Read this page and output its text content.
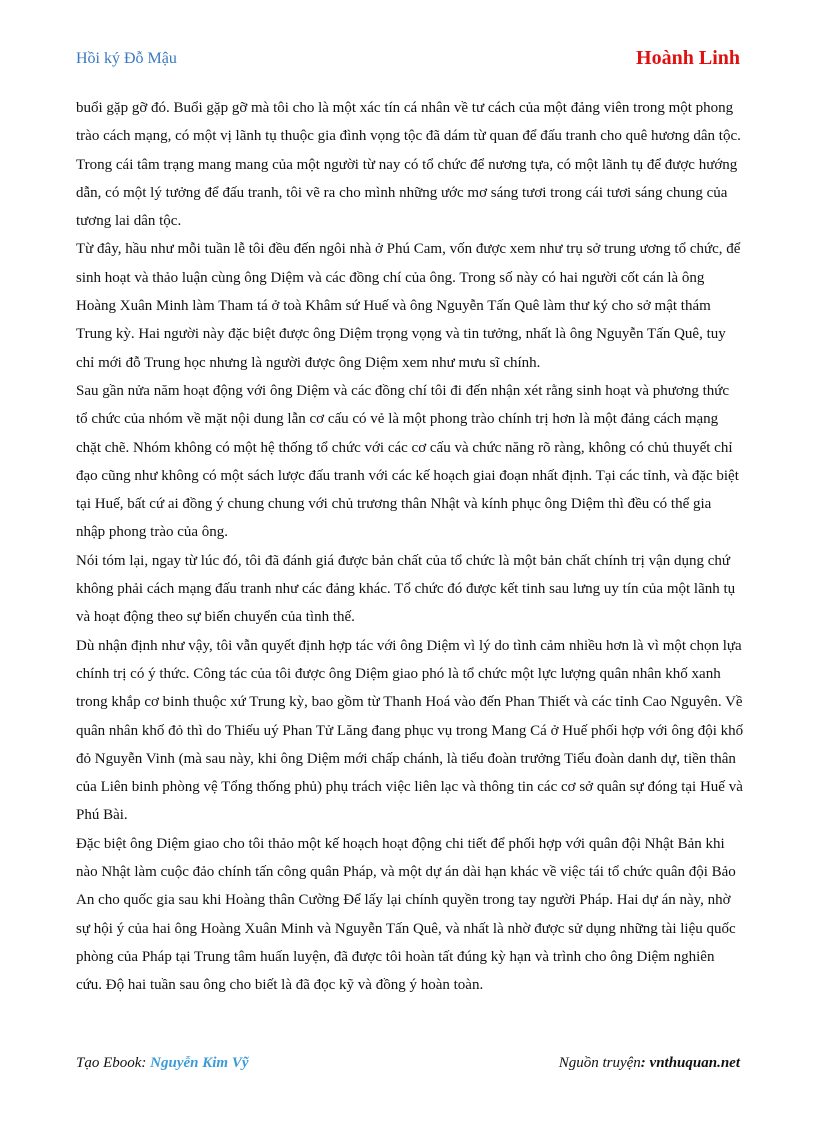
Hồi ký Đỗ Mậu	Hoành Linh

buổi gặp gỡ đó. Buổi gặp gỡ mà tôi cho là một xác tín cá nhân về tư cách của một đảng viên trong một phong trào cách mạng, có một vị lãnh tụ thuộc gia đình vọng tộc đã dám từ quan để đấu tranh cho quê hương dân tộc. Trong cái tâm trạng mang mang của một người từ nay có tổ chức để nương tựa, có một lãnh tụ để được hướng dẫn, có một lý tưởng để đấu tranh, tôi vẽ ra cho mình những ước mơ sáng tươi trong cái tươi sáng chung của tương lai dân tộc.

Từ đây, hầu như mỗi tuần lễ tôi đều đến ngôi nhà ở Phú Cam, vốn được xem như trụ sở trung ương tổ chức, để sinh hoạt và thảo luận cùng ông Diệm và các đồng chí của ông. Trong số này có hai người cốt cán là ông Hoàng Xuân Minh làm Tham tá ở toà Khâm sứ Huế và ông Nguyễn Tấn Quê làm thư ký cho sở mật thám Trung kỳ. Hai người này đặc biệt được ông Diệm trọng vọng và tin tưởng, nhất là ông Nguyễn Tấn Quê, tuy chỉ mới đỗ Trung học nhưng là người được ông Diệm xem như mưu sĩ chính.

Sau gần nửa năm hoạt động với ông Diệm và các đồng chí tôi đi đến nhận xét rằng sinh hoạt và phương thức tổ chức của nhóm về mặt nội dung lẫn cơ cấu có vẻ là một phong trào chính trị hơn là một đảng cách mạng chặt chẽ. Nhóm không có một hệ thống tổ chức với các cơ cấu và chức năng rõ ràng, không có chủ thuyết chỉ đạo cũng như không có một sách lược đấu tranh với các kế hoạch giai đoạn nhất định. Tại các tỉnh, và đặc biệt tại Huế, bất cứ ai đồng ý chung chung với chủ trương thân Nhật và kính phục ông Diệm thì đều có thể gia nhập phong trào của ông.

Nói tóm lại, ngay từ lúc đó, tôi đã đánh giá được bản chất của tổ chức là một bản chất chính trị vận dụng chứ không phải cách mạng đấu tranh như các đảng khác. Tổ chức đó được kết tinh sau lưng uy tín của một lãnh tụ và hoạt động theo sự biến chuyển của tình thế.

Dù nhận định như vậy, tôi vẫn quyết định hợp tác với ông Diệm vì lý do tình cảm nhiều hơn là vì một chọn lựa chính trị có ý thức. Công tác của tôi được ông Diệm giao phó là tổ chức một lực lượng quân nhân khố xanh trong khắp cơ binh thuộc xứ Trung kỳ, bao gồm từ Thanh Hoá vào đến Phan Thiết và các tỉnh Cao Nguyên. Về quân nhân khố đỏ thì do Thiếu uý Phan Tử Lăng đang phục vụ trong Mang Cá ở Huế phối hợp với ông đội khố đỏ Nguyễn Vinh (mà sau này, khi ông Diệm mới chấp chánh, là tiểu đoàn trưởng Tiểu đoàn danh dự, tiền thân của Liên binh phòng vệ Tổng thống phủ) phụ trách việc liên lạc và thông tin các cơ sở quân sự đóng tại Huế và Phú Bài.

Đặc biệt ông Diệm giao cho tôi thảo một kế hoạch hoạt động chi tiết để phối hợp với quân đội Nhật Bản khi nào Nhật làm cuộc đảo chính tấn công quân Pháp, và một dự án dài hạn khác về việc tái tổ chức quân đội Bảo An cho quốc gia sau khi Hoàng thân Cường Để lấy lại chính quyền trong tay người Pháp. Hai dự án này, nhờ sự hội ý của hai ông Hoàng Xuân Minh và Nguyễn Tấn Quê, và nhất là nhờ được sử dụng những tài liệu quốc phòng của Pháp tại Trung tâm huấn luyện, đã được tôi hoàn tất đúng kỳ hạn và trình cho ông Diệm nghiên cứu. Độ hai tuần sau ông cho biết là đã đọc kỹ và đồng ý hoàn toàn.

Tạo Ebook: Nguyễn Kim Vỹ	Nguồn truyện: vnthuquan.net
